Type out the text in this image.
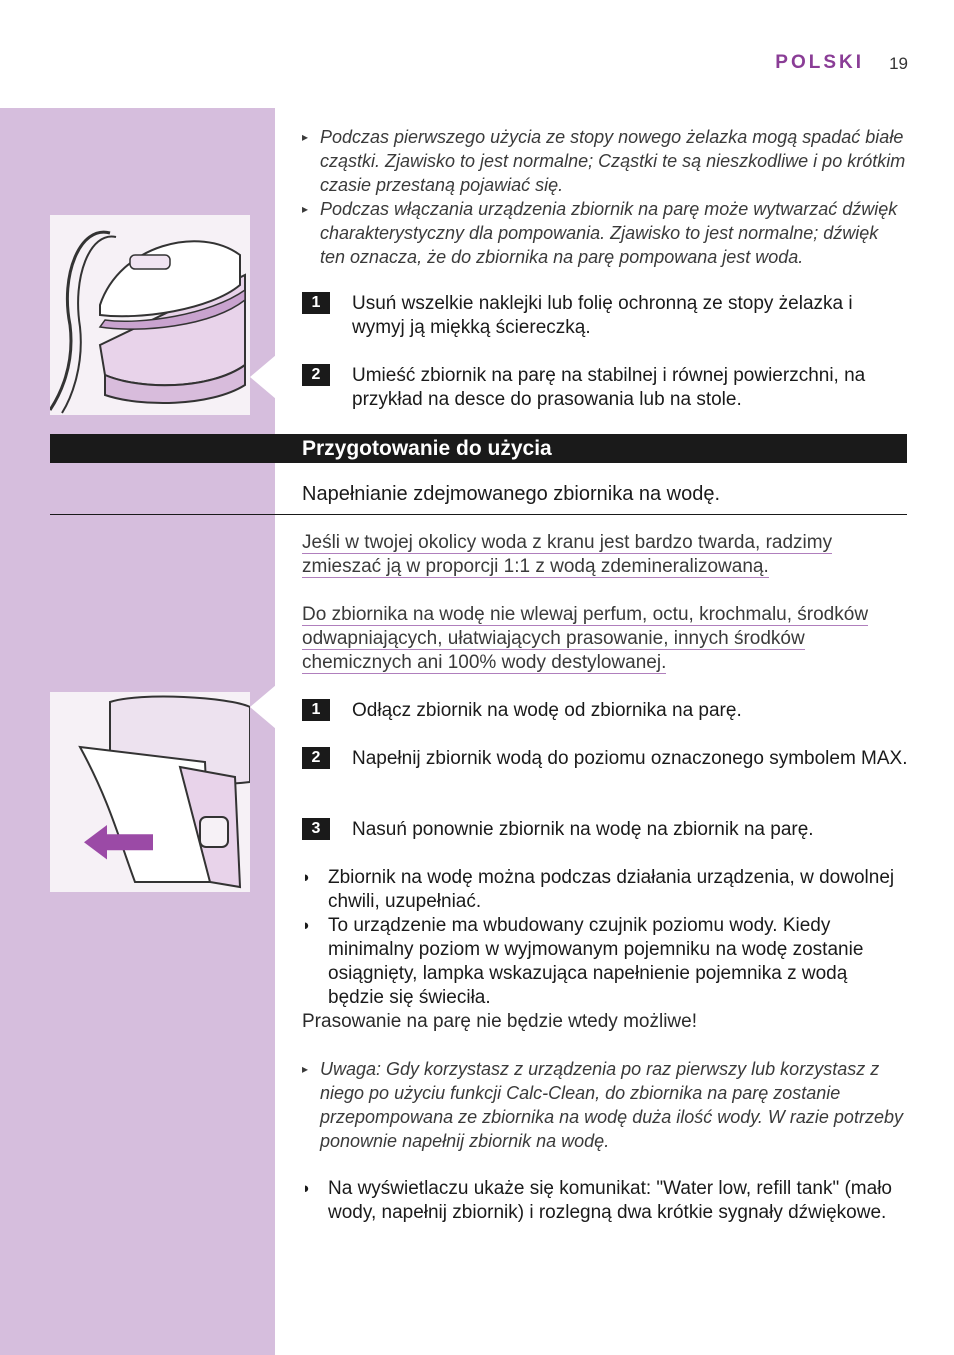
POLSKI 19
▸ Podczas pierwszego użycia ze stopy nowego żelazka mogą spadać białe cząstki. Zjawisko to jest normalne; Cząstki te są nieszkodliwe i po krótkim czasie przestaną pojawiać się.
▸ Podczas włączania urządzenia zbiornik na parę może wytwarzać dźwięk charakterystyczny dla pompowania. Zjawisko to jest normalne; dźwięk ten oznacza, że do zbiornika na parę pompowana jest woda.
1	Usuń wszelkie naklejki lub folię ochronną ze stopy żelazka i wymyj ją miękką ściereczką.
2	Umieść zbiornik na parę na stabilnej i równej powierzchni, na przykład na desce do prasowania lub na stole.
Przygotowanie do użycia
Napełnianie zdejmowanego zbiornika na wodę.
Jeśli w twojej okolicy woda z kranu jest bardzo twarda, radzimy zmieszać ją w proporcji 1:1 z wodą zdemineralizowaną.
Do zbiornika na wodę nie wlewaj perfum, octu, krochmalu, środków odwapniających, ułatwiających prasowanie, innych środków chemicznych ani 100% wody destylowanej.
1	Odłącz zbiornik na wodę od zbiornika na parę.
2	Napełnij zbiornik wodą do poziomu oznaczonego symbolem MAX.
3	Nasuń ponownie zbiornik na wodę na zbiornik na parę.
◗ Zbiornik na wodę można podczas działania urządzenia, w dowolnej chwili, uzupełniać.
◗ To urządzenie ma wbudowany czujnik poziomu wody. Kiedy minimalny poziom w wyjmowanym pojemniku na wodę zostanie osiągnięty, lampka wskazująca napełnienie pojemnika z wodą będzie się świeciła.
Prasowanie na parę nie będzie wtedy możliwe!
▸ Uwaga: Gdy korzystasz z urządzenia po raz pierwszy lub korzystasz z niego po użyciu funkcji Calc-Clean, do zbiornika na parę zostanie przepompowana ze zbiornika na wodę duża ilość wody. W razie potrzeby ponownie napełnij zbiornik na wodę.
◗ Na wyświetlaczu ukaże się komunikat: "Water low, refill tank" (mało wody, napełnij zbiornik) i rozlegną dwa krótkie sygnały dźwiękowe.
